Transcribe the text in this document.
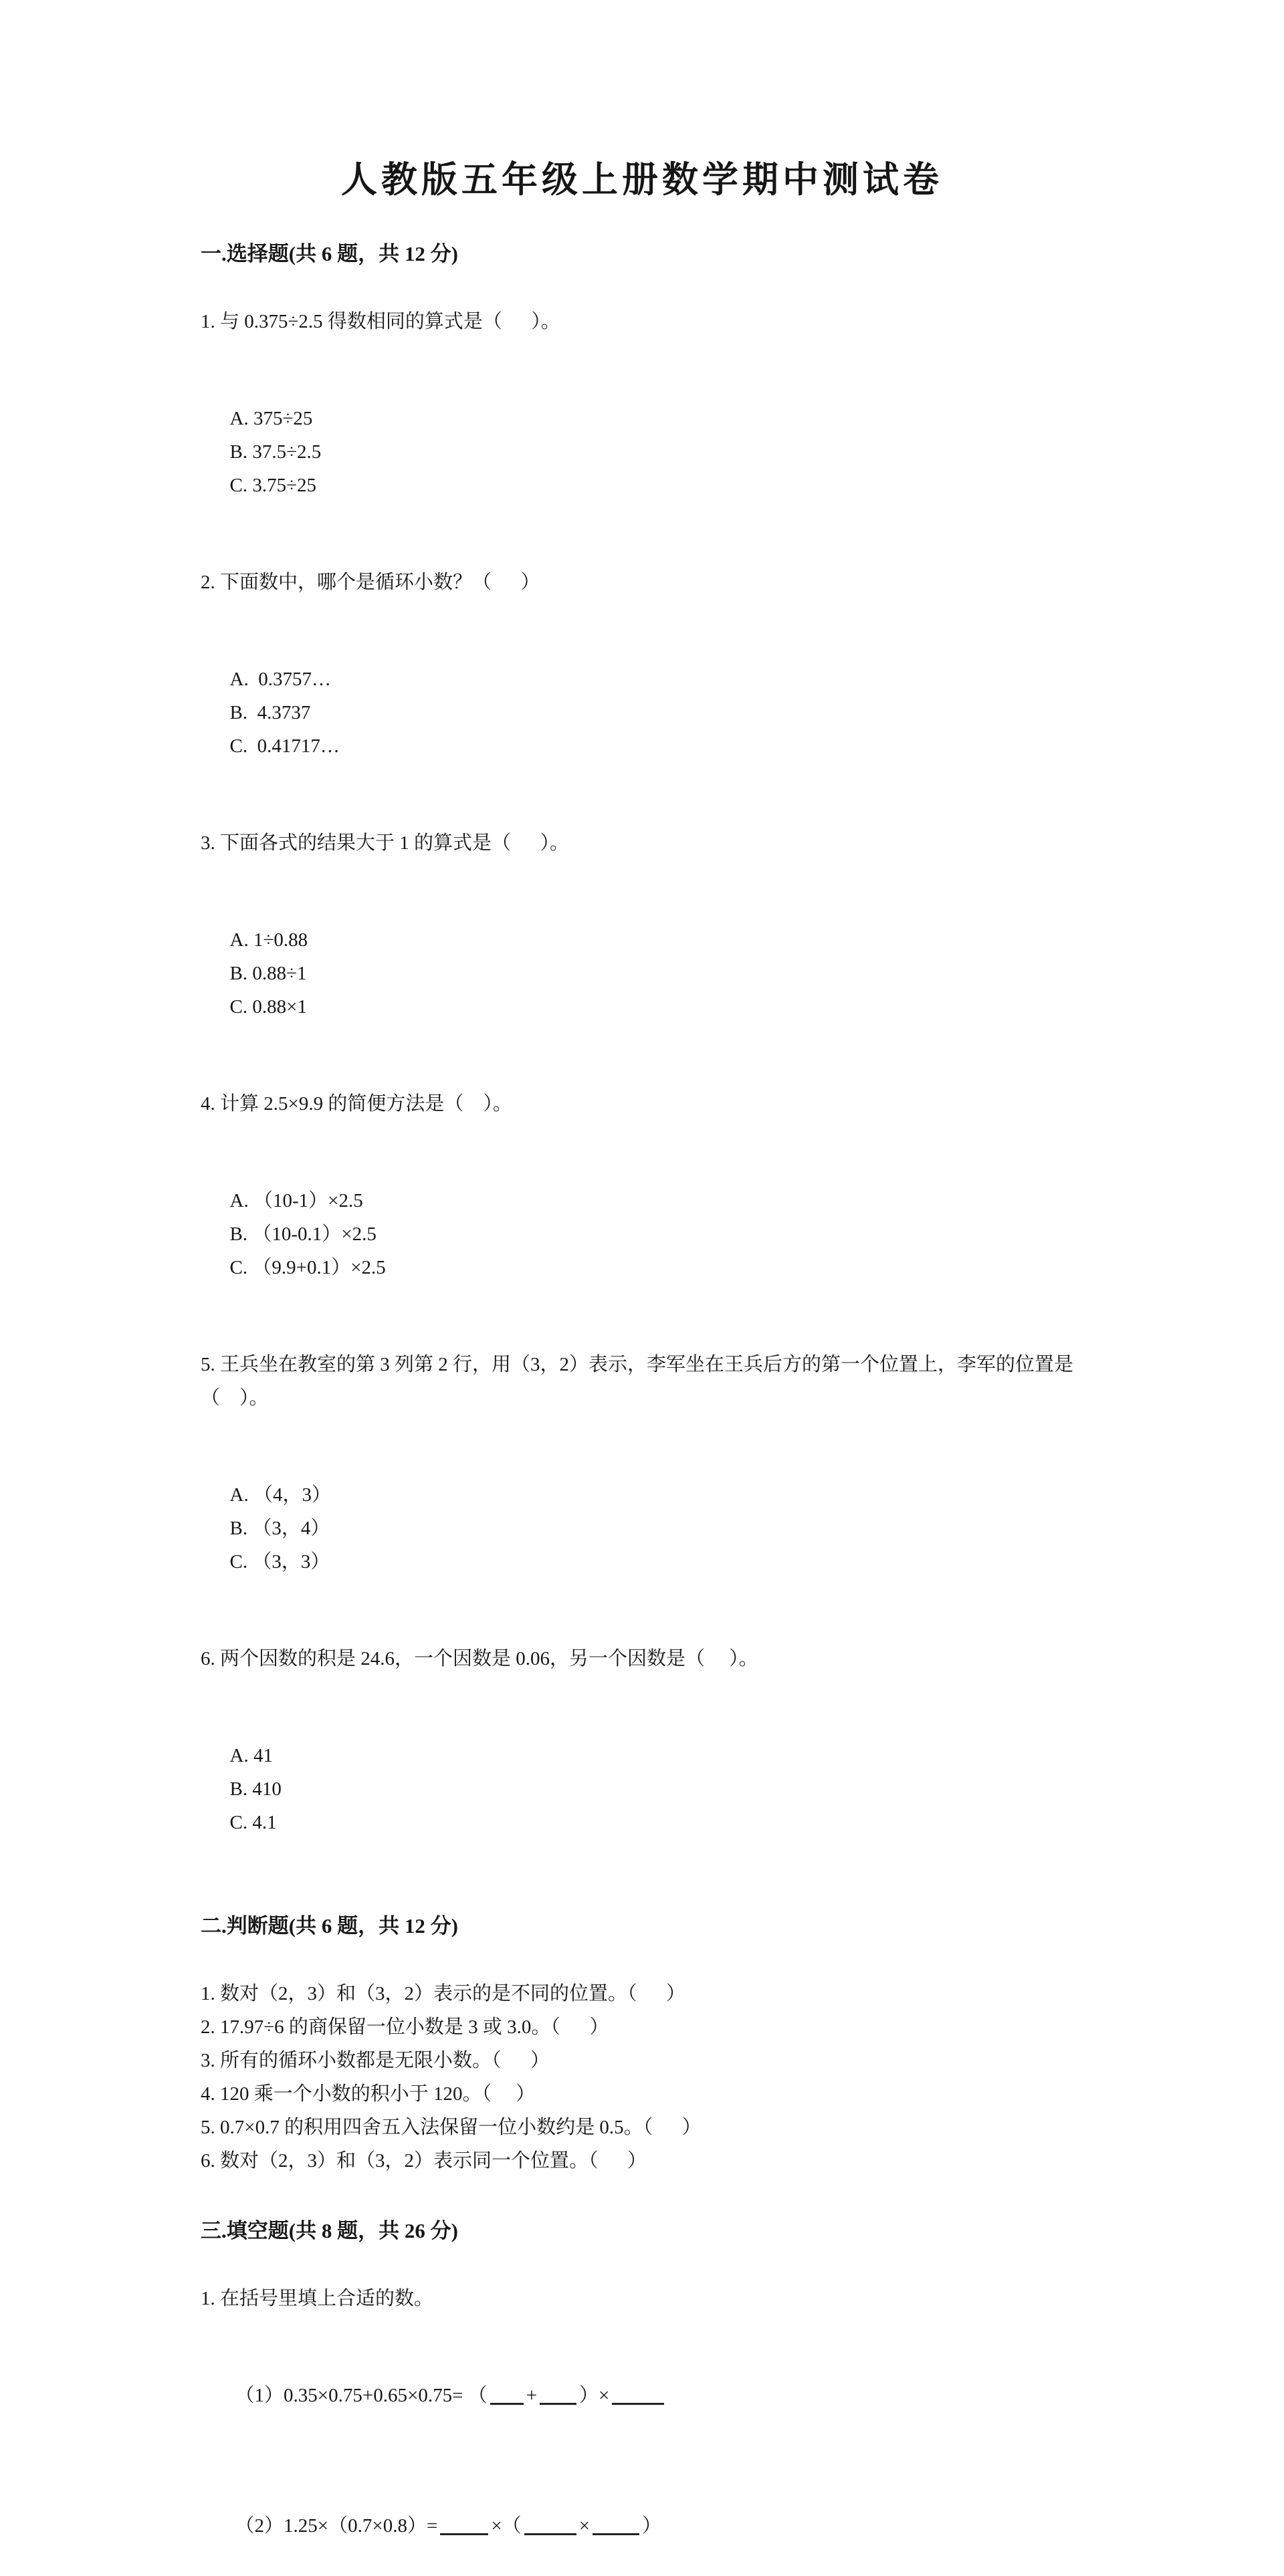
人教版五年级上册数学期中测试卷
一.选择题(共 6 题，共 12 分)

1. 与 0.375÷2.5 得数相同的算式是（      ）。

A. 375÷25
B. 37.5÷2.5
C. 3.75÷25

2. 下面数中，哪个是循环小数？（      ）

A.  0.3757…
B.  4.3737
C.  0.41717…

3. 下面各式的结果大于 1 的算式是（      ）。

A. 1÷0.88
B. 0.88÷1
C. 0.88×1

4. 计算 2.5×9.9 的简便方法是（    ）。

A. （10-1）×2.5
B. （10-0.1）×2.5
C. （9.9+0.1）×2.5

5. 王兵坐在教室的第 3 列第 2 行，用（3，2）表示，李军坐在王兵后方的第一个位置上，李军的位置是（    ）。

A. （4，3）
B. （3，4）
C. （3，3）

6. 两个因数的积是 24.6，一个因数是 0.06，另一个因数是（     ）。

A. 41
B. 410
C. 4.1

二.判断题(共 6 题，共 12 分)

1. 数对（2，3）和（3，2）表示的是不同的位置。（      ）

2. 17.97÷6 的商保留一位小数是 3 或 3.0。（      ）

3. 所有的循环小数都是无限小数。（      ）

4. 120 乘一个小数的积小于 120。（     ）

5. 0.7×0.7 的积用四舍五入法保留一位小数约是 0.5。（      ）

6. 数对（2，3）和（3，2）表示同一个位置。（      ）

三.填空题(共 8 题，共 26 分)

1. 在括号里填上合适的数。

（1）0.35×0.75+0.65×0.75= （ + ）×

（2）1.25×（0.7×0.8）=	×（	×	）
